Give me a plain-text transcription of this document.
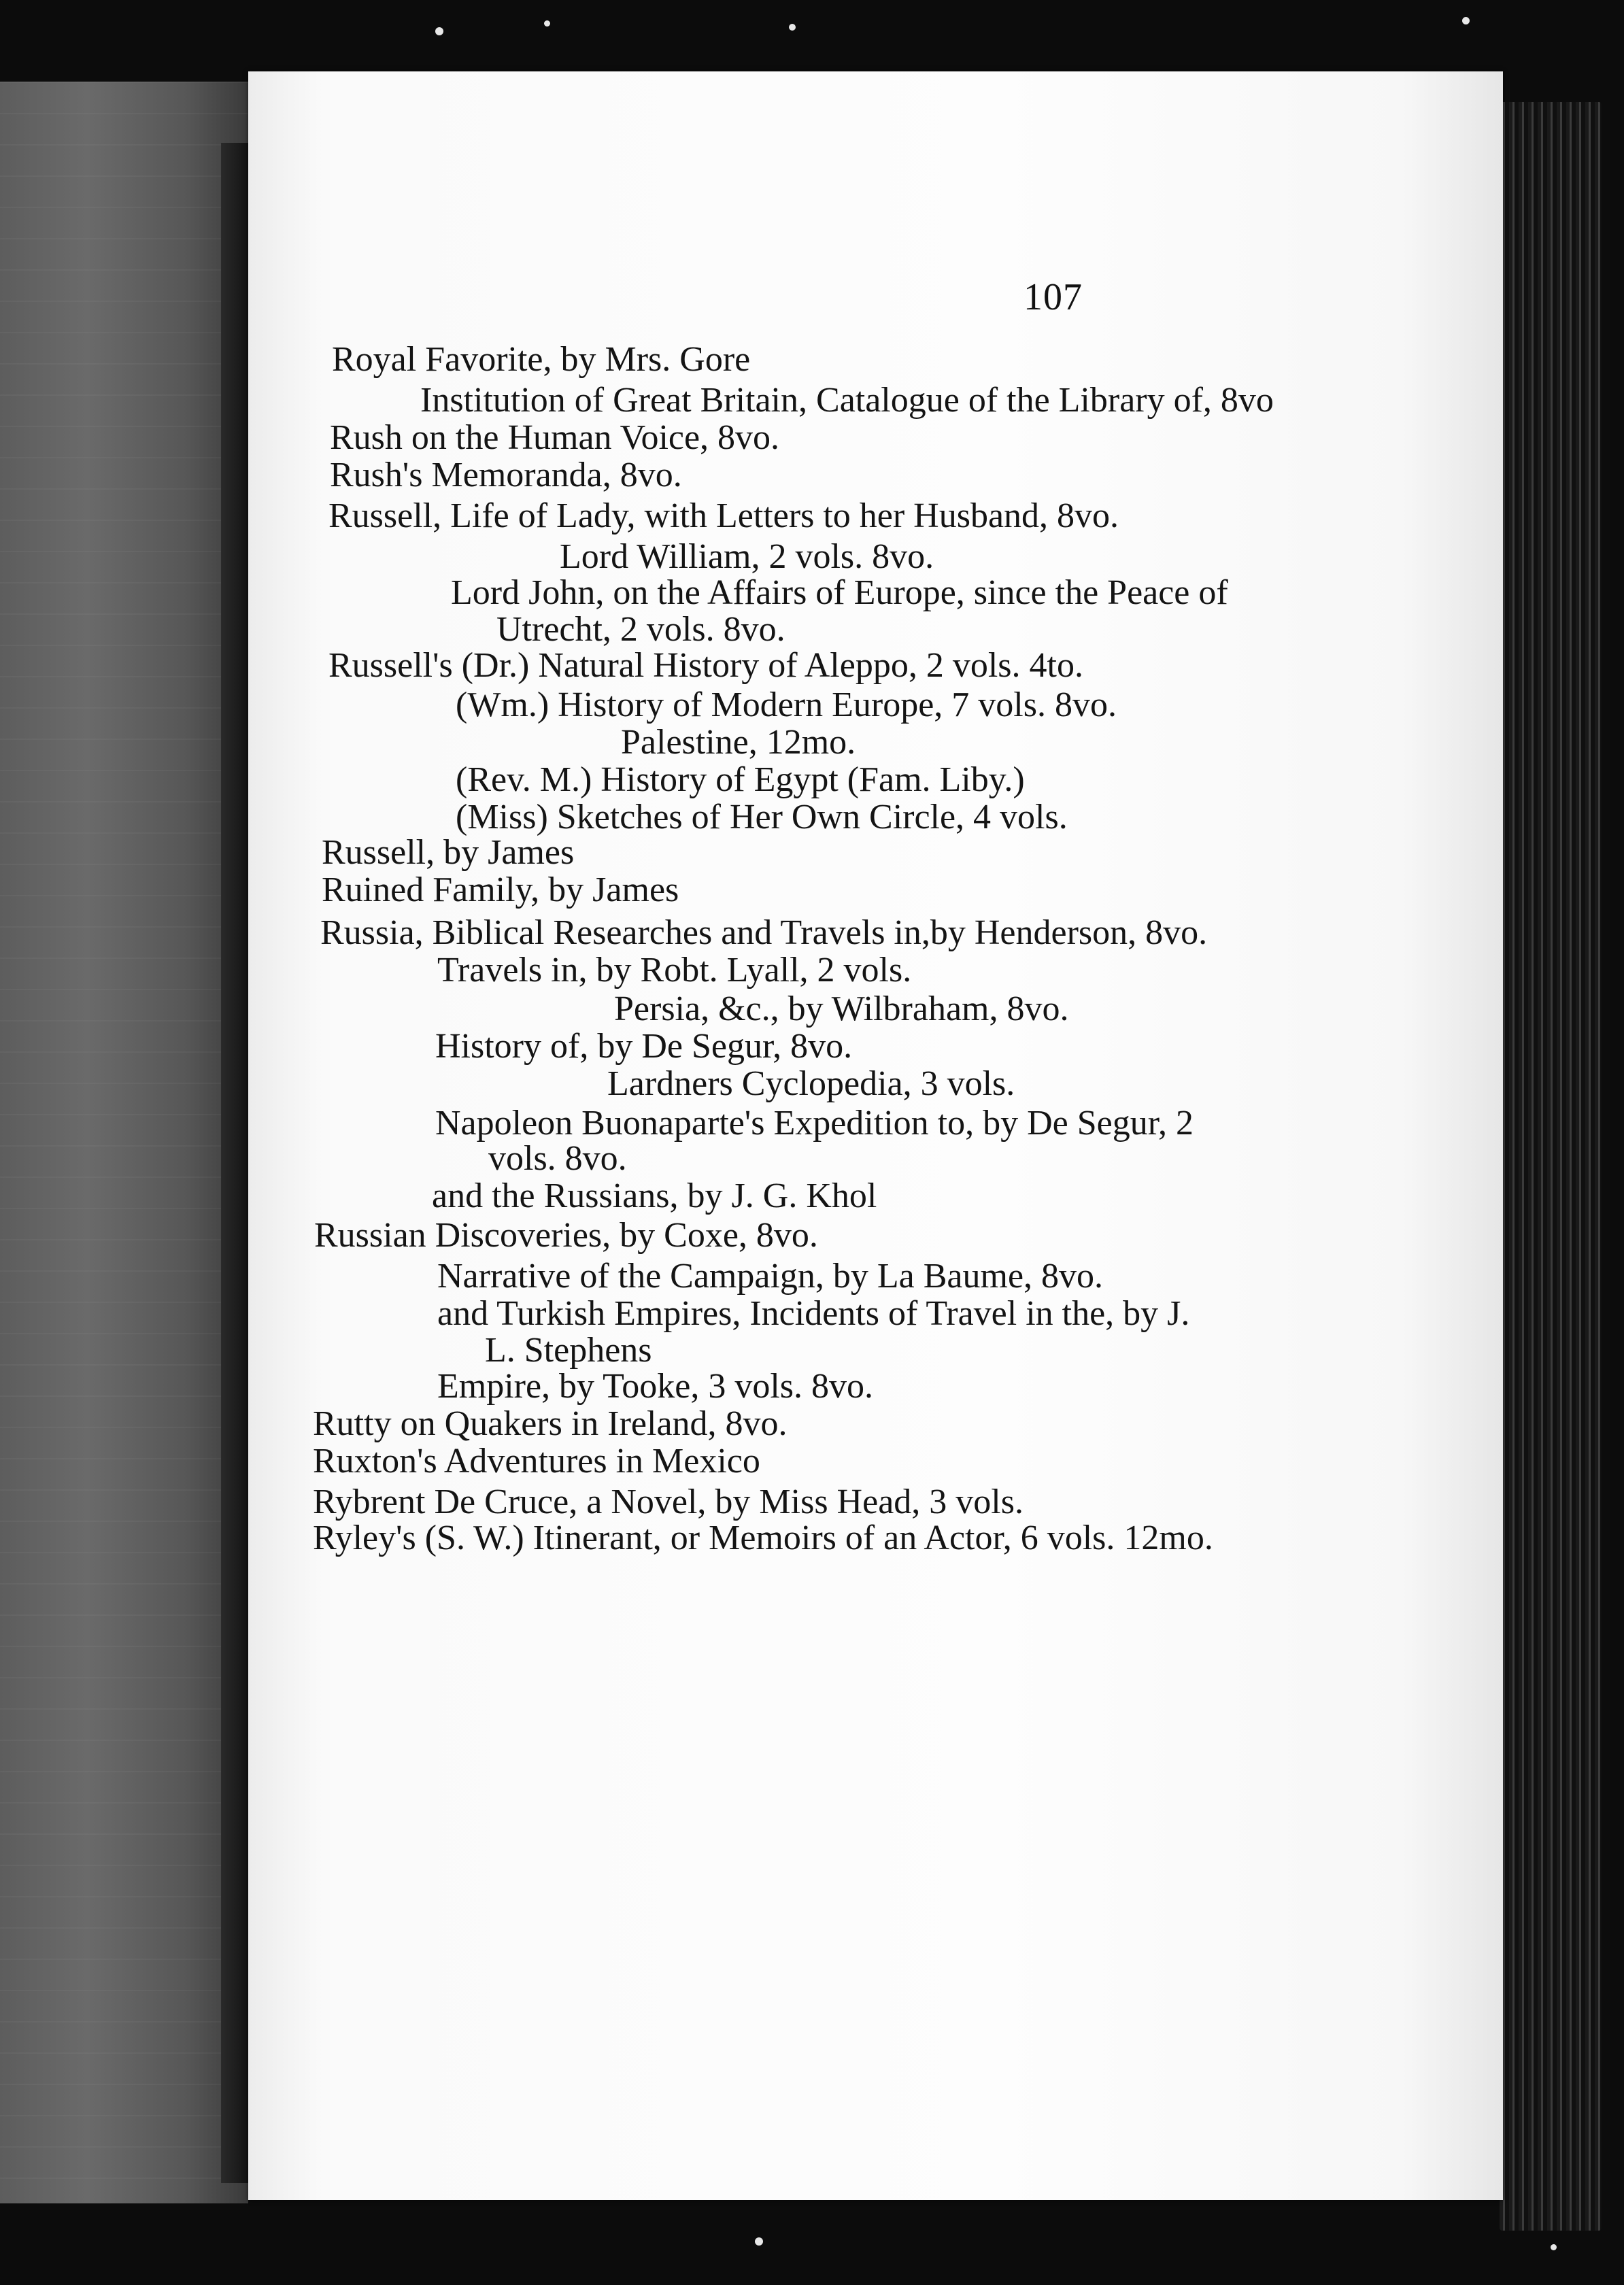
107

Royal Favorite, by Mrs. Gore

Institution of Great Britain, Catalogue of the Library of, 8vo

Rush on the Human Voice, 8vo.

Rush's Memoranda, 8vo.

Russell, Life of Lady, with Letters to her Husband, 8vo.

Lord William, 2 vols. 8vo.

Lord John, on the Affairs of Europe, since the Peace of

Utrecht, 2 vols. 8vo.

Russell's (Dr.) Natural History of Aleppo, 2 vols. 4to.

(Wm.) History of Modern Europe, 7 vols. 8vo.

Palestine, 12mo.

(Rev. M.) History of Egypt (Fam. Liby.)

(Miss) Sketches of Her Own Circle, 4 vols.

Russell, by James

Ruined Family, by James

Russia, Biblical Researches and Travels in,by Henderson, 8vo.

Travels in, by Robt. Lyall, 2 vols.

Persia, &c., by Wilbraham, 8vo.

History of, by De Segur, 8vo.

Lardners Cyclopedia, 3 vols.

Napoleon Buonaparte's Expedition to, by De Segur, 2

vols. 8vo.

and the Russians, by J. G. Khol

Russian Discoveries, by Coxe, 8vo.

Narrative of the Campaign, by La Baume, 8vo.

and Turkish Empires, Incidents of Travel in the, by J.

L. Stephens

Empire, by Tooke, 3 vols. 8vo.

Rutty on Quakers in Ireland, 8vo.

Ruxton's Adventures in Mexico

Rybrent De Cruce, a Novel, by Miss Head, 3 vols.

Ryley's (S. W.) Itinerant, or Memoirs of an Actor, 6 vols. 12mo.
